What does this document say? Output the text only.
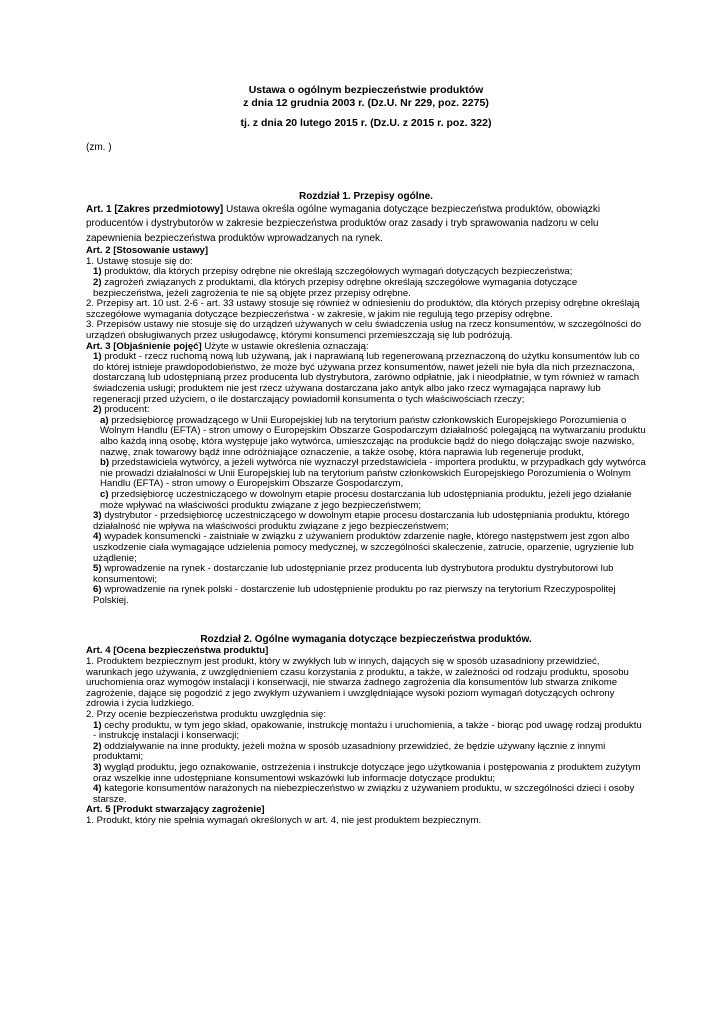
Ustawa o ogólnym bezpieczeństwie produktów
z dnia 12 grudnia 2003 r. (Dz.U. Nr 229, poz. 2275)
tj. z dnia 20 lutego 2015 r. (Dz.U. z 2015 r. poz. 322)
(zm. )
Rozdział 1. Przepisy ogólne.

Art. 1 [Zakres przedmiotowy] Ustawa określa ogólne wymagania dotyczące bezpieczeństwa produktów, obowiązki producentów i dystrybutorów w zakresie bezpieczeństwa produktów oraz zasady i tryb sprawowania nadzoru w celu zapewnienia bezpieczeństwa produktów wprowadzanych na rynek.

Art. 2 [Stosowanie ustawy]

1. Ustawę stosuje się do:

1) produktów, dla których przepisy odrębne nie określają szczegółowych wymagań dotyczących bezpieczeństwa;

2) zagrożeń związanych z produktami, dla których przepisy odrębne określają szczegółowe wymagania dotyczące bezpieczeństwa, jeżeli zagrożenia te nie są objęte przez przepisy odrębne.

2. Przepisy art. 10 ust. 2-6 - art. 33 ustawy stosuje się również w odniesieniu do produktów, dla których przepisy odrębne określają szczegółowe wymagania dotyczące bezpieczeństwa - w zakresie, w jakim nie regulują tego przepisy odrębne.

3. Przepisów ustawy nie stosuje się do urządzeń używanych w celu świadczenia usług na rzecz konsumentów, w szczególności do urządzeń obsługiwanych przez usługodawcę, którymi konsumenci przemieszczają się lub podróżują.

Art. 3 [Objaśnienie pojęć] Użyte w ustawie określenia oznaczają:

1) produkt - rzecz ruchomą nową lub używaną, jak i naprawianą lub regenerowaną przeznaczoną do użytku konsumentów lub co do której istnieje prawdopodobieństwo, że może być używana przez konsumentów, nawet jeżeli nie była dla nich przeznaczona, dostarczaną lub udostępnianą przez producenta lub dystrybutora, zarówno odpłatnie, jak i nieodpłatnie, w tym również w ramach świadczenia usługi; produktem nie jest rzecz używana dostarczana jako antyk albo jako rzecz wymagająca naprawy lub regeneracji przed użyciem, o ile dostarczający powiadomił konsumenta o tych właściwościach rzeczy;

2) producent:

a) przedsiębiorcę prowadzącego w Unii Europejskiej lub na terytorium państw członkowskich Europejskiego Porozumienia o Wolnym Handlu (EFTA) - stron umowy o Europejskim Obszarze Gospodarczym działalność polegającą na wytwarzaniu produktu albo każdą inną osobę, która występuje jako wytwórca, umieszczając na produkcie bądź do niego dołączając swoje nazwisko, nazwę, znak towarowy bądź inne odróżniające oznaczenie, a także osobę, która naprawia lub regeneruje produkt,

b) przedstawiciela wytwórcy, a jeżeli wytwórca nie wyznaczył przedstawiciela - importera produktu, w przypadkach gdy wytwórca nie prowadzi działalności w Unii Europejskiej lub na terytorium państw członkowskich Europejskiego Porozumienia o Wolnym Handlu (EFTA) - stron umowy o Europejskim Obszarze Gospodarczym,

c) przedsiębiorcę uczestniczącego w dowolnym etapie procesu dostarczania lub udostępniania produktu, jeżeli jego działanie może wpływać na właściwości produktu związane z jego bezpieczeństwem;

3) dystrybutor - przedsiębiorcę uczestniczącego w dowolnym etapie procesu dostarczania lub udostępniania produktu, którego działalność nie wpływa na właściwości produktu związane z jego bezpieczeństwem;

4) wypadek konsumencki - zaistniałe w związku z używaniem produktów zdarzenie nagłe, którego następstwem jest zgon albo uszkodzenie ciała wymagające udzielenia pomocy medycznej, w szczególności skaleczenie, zatrucie, oparzenie, ugryzienie lub użądlenie;

5) wprowadzenie na rynek - dostarczanie lub udostępnianie przez producenta lub dystrybutora produktu dystrybutorowi lub konsumentowi;

6) wprowadzenie na rynek polski - dostarczenie lub udostępnienie produktu po raz pierwszy na terytorium Rzeczypospolitej Polskiej.

Rozdział 2. Ogólne wymagania dotyczące bezpieczeństwa produktów.

Art. 4 [Ocena bezpieczeństwa produktu]

1. Produktem bezpiecznym jest produkt, który w zwykłych lub w innych, dających się w sposób uzasadniony przewidzieć, warunkach jego używania, z uwzględnieniem czasu korzystania z produktu, a także, w zależności od rodzaju produktu, sposobu uruchomienia oraz wymogów instalacji i konserwacji, nie stwarza żadnego zagrożenia dla konsumentów lub stwarza znikome zagrożenie, dające się pogodzić z jego zwykłym używaniem i uwzględniające wysoki poziom wymagań dotyczących ochrony zdrowia i życia ludzkiego.

2. Przy ocenie bezpieczeństwa produktu uwzględnia się:

1) cechy produktu, w tym jego skład, opakowanie, instrukcję montażu i uruchomienia, a także - biorąc pod uwagę rodzaj produktu - instrukcję instalacji i konserwacji;

2) oddziaływanie na inne produkty, jeżeli można w sposób uzasadniony przewidzieć, że będzie używany łącznie z innymi produktami;

3) wygląd produktu, jego oznakowanie, ostrzeżenia i instrukcje dotyczące jego użytkowania i postępowania z produktem zużytym oraz wszelkie inne udostępniane konsumentowi wskazówki lub informacje dotyczące produktu;

4) kategorie konsumentów narażonych na niebezpieczeństwo w związku z używaniem produktu, w szczególności dzieci i osoby starsze.

Art. 5 [Produkt stwarzający zagrożenie]

1. Produkt, który nie spełnia wymagań określonych w art. 4, nie jest produktem bezpiecznym.
